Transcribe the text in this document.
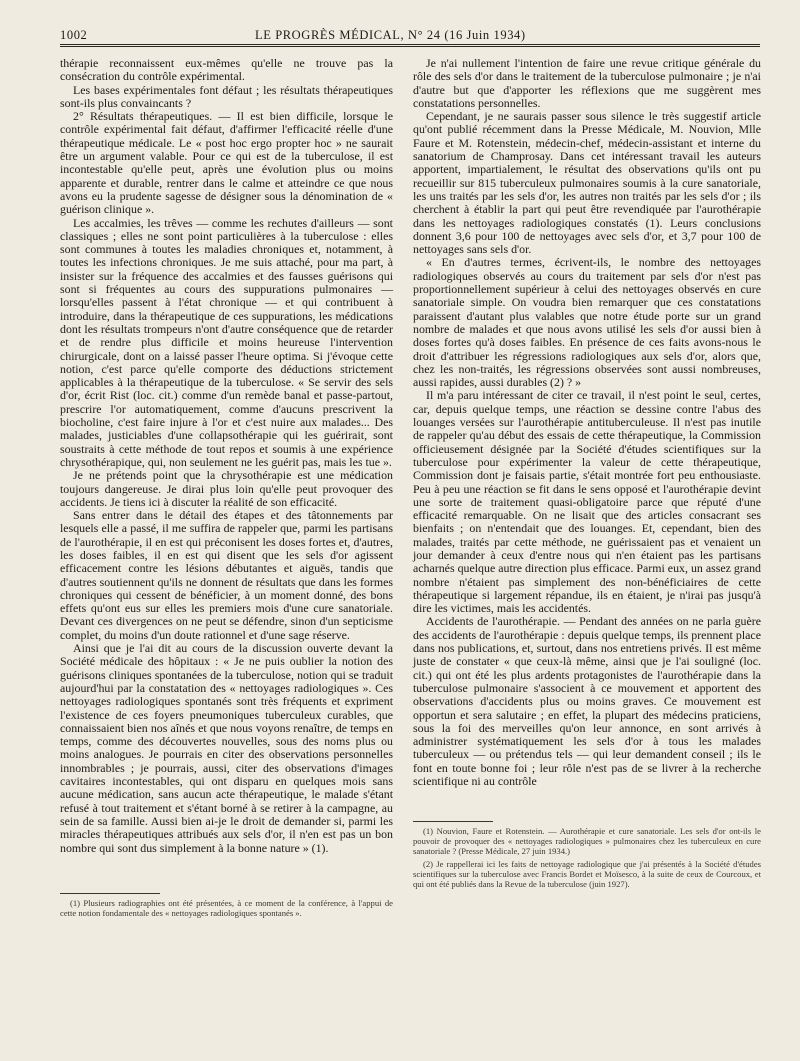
1002	LE PROGRÈS MÉDICAL, N° 24 (16 Juin 1934)

thérapie reconnaissent eux-mêmes qu'elle ne trouve pas la consécration du contrôle expérimental.

Les bases expérimentales font défaut ; les résultats thérapeutiques sont-ils plus convaincants ?

2° Résultats thérapeutiques. — Il est bien difficile, lorsque le contrôle expérimental fait défaut, d'affirmer l'efficacité réelle d'une thérapeutique médicale. Le « post hoc ergo propter hoc » ne saurait être un argument valable. Pour ce qui est de la tuberculose, il est incontestable qu'elle peut, après une évolution plus ou moins apparente et durable, rentrer dans le calme et atteindre ce que nous avons eu la prudente sagesse de désigner sous la dénomination de « guérison clinique ».

Les accalmies, les trêves — comme les rechutes d'ailleurs — sont classiques ; elles ne sont point particulières à la tuberculose : elles sont communes à toutes les maladies chroniques et, notamment, à toutes les infections chroniques. Je me suis attaché, pour ma part, à insister sur la fréquence des accalmies et des fausses guérisons qui sont si fréquentes au cours des suppurations pulmonaires — lorsqu'elles passent à l'état chronique — et qui contribuent à introduire, dans la thérapeutique de ces suppurations, les médications dont les résultats trompeurs n'ont d'autre conséquence que de retarder et de rendre plus difficile et moins heureuse l'intervention chirurgicale, dont on a laissé passer l'heure optima. Si j'évoque cette notion, c'est parce qu'elle comporte des déductions strictement applicables à la thérapeutique de la tuberculose. « Se servir des sels d'or, écrit Rist (loc. cit.) comme d'un remède banal et passe-partout, prescrire l'or automatiquement, comme d'aucuns prescrivent la biocholine, c'est faire injure à l'or et c'est nuire aux malades... Des malades, justiciables d'une collapsothérapie qui les guérirait, sont soustraits à cette méthode de tout repos et soumis à une expérience chrysothérapique, qui, non seulement ne les guérit pas, mais les tue ».

Je ne prétends point que la chrysothérapie est une médication toujours dangereuse. Je dirai plus loin qu'elle peut provoquer des accidents. Je tiens ici à discuter la réalité de son efficacité.

Sans entrer dans le détail des étapes et des tâtonnements par lesquels elle a passé, il me suffira de rappeler que, parmi les partisans de l'aurothérapie, il en est qui préconisent les doses fortes et, d'autres, les doses faibles, il en est qui disent que les sels d'or agissent efficacement contre les lésions débutantes et aiguës, tandis que d'autres soutiennent qu'ils ne donnent de résultats que dans les formes chroniques qui cessent de bénéficier, à un moment donné, des bons effets qu'ont eus sur elles les premiers mois d'une cure sanatoriale. Devant ces divergences on ne peut se défendre, sinon d'un septicisme complet, du moins d'un doute rationnel et d'une sage réserve.

Ainsi que je l'ai dit au cours de la discussion ouverte devant la Société médicale des hôpitaux : « Je ne puis oublier la notion des guérisons cliniques spontanées de la tuberculose, notion qui se traduit aujourd'hui par la constatation des « nettoyages radiologiques ». Ces nettoyages radiologiques spontanés sont très fréquents et expriment l'existence de ces foyers pneumoniques tuberculeux curables, que connaissaient bien nos aînés et que nous voyons renaître, de temps en temps, comme des découvertes nouvelles, sous des noms plus ou moins analogues. Je pourrais en citer des observations personnelles innombrables ; je pourrais, aussi, citer des observations d'images cavitaires incontestables, qui ont disparu en quelques mois sans aucune médication, sans aucun acte thérapeutique, le malade s'étant refusé à tout traitement et s'étant borné à se retirer à la campagne, au sein de sa famille. Aussi bien ai-je le droit de demander si, parmi les miracles thérapeutiques attribués aux sels d'or, il n'en est pas un bon nombre qui sont dus simplement à la bonne nature » (1).

Je n'ai nullement l'intention de faire une revue critique générale du rôle des sels d'or dans le traitement de la tuberculose pulmonaire ; je n'ai d'autre but que d'apporter les réflexions que me suggèrent mes constatations personnelles.

Cependant, je ne saurais passer sous silence le très suggestif article qu'ont publié récemment dans la Presse Médicale, M. Nouvion, Mlle Faure et M. Rotenstein, médecin-chef, médecin-assistant et interne du sanatorium de Champrosay. Dans cet intéressant travail les auteurs apportent, impartialement, le résultat des observations qu'ils ont pu recueillir sur 815 tuberculeux pulmonaires soumis à la cure sanatoriale, les uns traités par les sels d'or, les autres non traités par les sels d'or ; ils cherchent à établir la part qui peut être revendiquée par l'aurothérapie dans les nettoyages radiologiques constatés (1). Leurs conclusions donnent 3,6 pour 100 de nettoyages avec sels d'or, et 3,7 pour 100 de nettoyages sans sels d'or.

« En d'autres termes, écrivent-ils, le nombre des nettoyages radiologiques observés au cours du traitement par sels d'or n'est pas proportionnellement supérieur à celui des nettoyages observés en cure sanatoriale simple. On voudra bien remarquer que ces constatations paraissent d'autant plus valables que notre étude porte sur un grand nombre de malades et que nous avons utilisé les sels d'or aussi bien à doses fortes qu'à doses faibles. En présence de ces faits avons-nous le droit d'attribuer les régressions radiologiques aux sels d'or, alors que, chez les non-traités, les régressions observées sont aussi nombreuses, aussi rapides, aussi durables (2) ? »

Il m'a paru intéressant de citer ce travail, il n'est point le seul, certes, car, depuis quelque temps, une réaction se dessine contre l'abus des louanges versées sur l'aurothérapie antituberculeuse. Il n'est pas inutile de rappeler qu'au début des essais de cette thérapeutique, la Commission officieusement désignée par la Société d'études scientifiques sur la tuberculose pour expérimenter la valeur de cette thérapeutique, Commission dont je faisais partie, s'était montrée fort peu enthousiaste. Peu à peu une réaction se fit dans le sens opposé et l'aurothérapie devint une sorte de traitement quasi-obligatoire parce que réputé d'une efficacité remarquable. On ne lisait que des articles consacrant ses bienfaits ; on n'entendait que des louanges. Et, cependant, bien des malades, traités par cette méthode, ne guérissaient pas et venaient un jour demander à ceux d'entre nous qui n'en étaient pas les partisans acharnés quelque autre direction plus efficace. Parmi eux, un assez grand nombre n'étaient pas simplement des non-bénéficiaires de cette thérapeutique si largement répandue, ils en étaient, je n'irai pas jusqu'à dire les victimes, mais les accidentés.

Accidents de l'aurothérapie. — Pendant des années on ne parla guère des accidents de l'aurothérapie : depuis quelque temps, ils prennent place dans nos publications, et, surtout, dans nos entretiens privés. Il est même juste de constater « que ceux-là même, ainsi que je l'ai souligné (loc. cit.) qui ont été les plus ardents protagonistes de l'aurothérapie dans la tuberculose pulmonaire s'associent à ce mouvement et apportent des observations d'accidents plus ou moins graves. Ce mouvement est opportun et sera salutaire ; en effet, la plupart des médecins praticiens, sous la foi des merveilles qu'on leur annonce, en sont arrivés à administrer systématiquement les sels d'or à tous les malades tuberculeux — ou prétendus tels — qui leur demandent conseil ; ils le font en toute bonne foi ; leur rôle n'est pas de se livrer à la recherche scientifique ni au contrôle

(1) Nouvion, Faure et Rotenstein. — Aurothérapie et cure sanatoriale. Les sels d'or ont-ils le pouvoir de provoquer des « nettoyages radiologiques » pulmonaires chez les tuberculeux en cure sanatoriale ? (Presse Médicale, 27 juin 1934.)

(2) Je rappellerai ici les faits de nettoyage radiologique que j'ai présentés à la Société d'études scientifiques sur la tuberculose avec Francis Bordet et Moïsesco, à la suite de ceux de Courcoux, et qui ont été publiés dans la Revue de la tuberculose (juin 1927).

(1) Plusieurs radiographies ont été présentées, à ce moment de la conférence, à l'appui de cette notion fondamentale des « nettoyages radiologiques spontanés ».
